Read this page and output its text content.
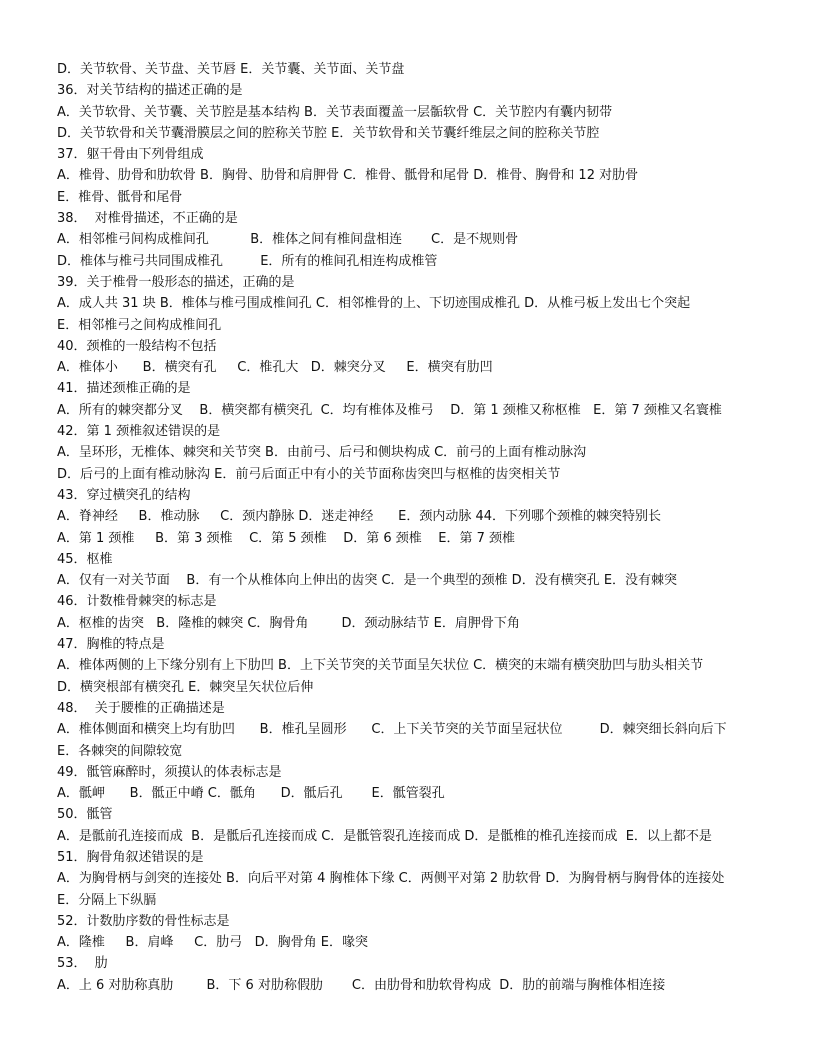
D．关节软骨、关节盘、关节唇 E．关节囊、关节面、关节盘
36．对关节结构的描述正确的是
A．关节软骨、关节囊、关节腔是基本结构 B．关节表面覆盖一层骺软骨 C．关节腔内有囊内韧带
D．关节软骨和关节囊滑膜层之间的腔称关节腔 E．关节软骨和关节囊纤维层之间的腔称关节腔
37．躯干骨由下列骨组成
A．椎骨、肋骨和肋软骨 B．胸骨、肋骨和肩胛骨 C．椎骨、骶骨和尾骨 D．椎骨、胸骨和 12 对肋骨
E．椎骨、骶骨和尾骨
38．  对椎骨描述，不正确的是
A．相邻椎弓间构成椎间孔          B．椎体之间有椎间盘相连       C．是不规则骨
D．椎体与椎弓共同围成椎孔         E．所有的椎间孔相连构成椎管
39．关于椎骨一般形态的描述，正确的是
A．成人共 31 块 B．椎体与椎弓围成椎间孔 C．相邻椎骨的上、下切迹围成椎孔 D．从椎弓板上发出七个突起
E．相邻椎弓之间构成椎间孔
40．颈椎的一般结构不包括
A．椎体小      B．横突有孔     C．椎孔大   D．棘突分叉     E．横突有肋凹
41．描述颈椎正确的是
A．所有的棘突都分叉    B．横突都有横突孔  C．均有椎体及椎弓    D．第 1 颈椎又称枢椎   E．第 7 颈椎又名寰椎
42．第 1 颈椎叙述错误的是
A．呈环形，无椎体、棘突和关节突 B．由前弓、后弓和侧块构成 C．前弓的上面有椎动脉沟
D．后弓的上面有椎动脉沟 E．前弓后面正中有小的关节面称齿突凹与枢椎的齿突相关节
43．穿过横突孔的结构
A．脊神经     B．椎动脉     C．颈内静脉 D．迷走神经      E．颈内动脉 44．下列哪个颈椎的棘突特别长
A．第 1 颈椎     B．第 3 颈椎    C．第 5 颈椎    D．第 6 颈椎    E．第 7 颈椎
45．枢椎
A．仅有一对关节面    B．有一个从椎体向上伸出的齿突 C．是一个典型的颈椎 D．没有横突孔 E．没有棘突
46．计数椎骨棘突的标志是
A．枢椎的齿突   B．隆椎的棘突 C．胸骨角        D．颈动脉结节 E．肩胛骨下角
47．胸椎的特点是
A．椎体两侧的上下缘分别有上下肋凹 B．上下关节突的关节面呈矢状位 C．横突的末端有横突肋凹与肋头相关节
D．横突根部有横突孔 E．棘突呈矢状位后伸
48．  关于腰椎的正确描述是
A．椎体侧面和横突上均有肋凹      B．椎孔呈圆形      C．上下关节突的关节面呈冠状位         D．棘突细长斜向后下
E．各棘突的间隙较宽
49．骶管麻醉时，须摸认的体表标志是
A．骶岬      B．骶正中嵴 C．骶角      D．骶后孔       E．骶管裂孔
50．骶管
A．是骶前孔连接而成  B．是骶后孔连接而成 C．是骶管裂孔连接而成 D．是骶椎的椎孔连接而成  E．以上都不是
51．胸骨角叙述错误的是
A．为胸骨柄与剑突的连接处 B．向后平对第 4 胸椎体下缘 C．两侧平对第 2 肋软骨 D．为胸骨柄与胸骨体的连接处
E．分隔上下纵膈
52．计数肋序数的骨性标志是
A．隆椎     B．肩峰     C．肋弓   D．胸骨角 E．喙突
53．  肋
A．上 6 对肋称真肋        B．下 6 对肋称假肋       C．由肋骨和肋软骨构成  D．肋的前端与胸椎体相连接
